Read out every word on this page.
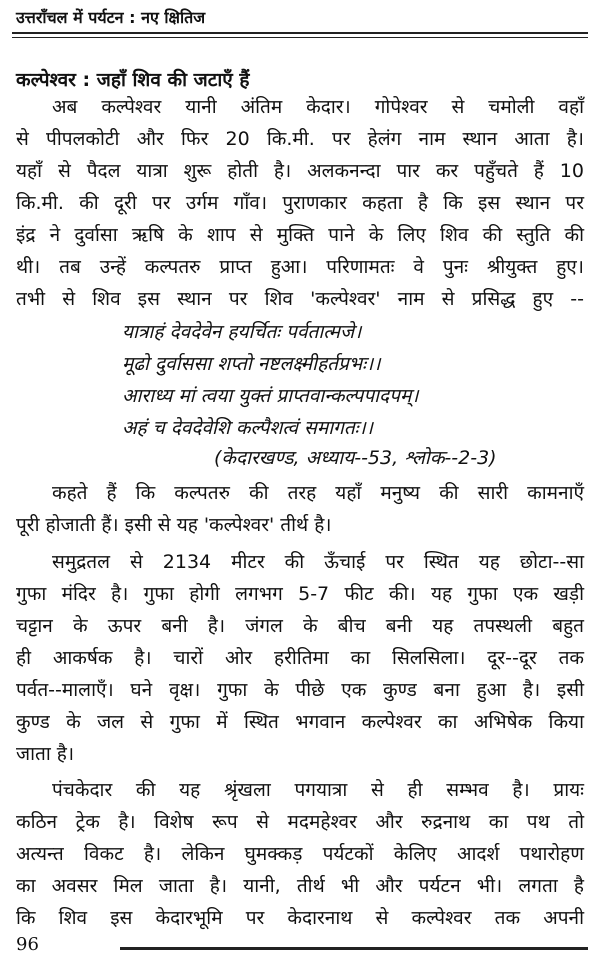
उत्तराँचल में पर्यटन : नए क्षितिज
कल्पेश्वर : जहाँ शिव की जटाएँ हैं
अब कल्पेश्वर यानी अंतिम केदार। गोपेश्वर से चमोली वहाँ
से पीपलकोटी और फिर 20 कि.मी. पर हेलंग नाम स्थान आता है।
यहाँ से पैदल यात्रा शुरू होती है। अलकनन्दा पार कर पहुँचते हैं 10
कि.मी. की दूरी पर उर्गम गाँव। पुराणकार कहता है कि इस स्थान पर
इंद्र ने दुर्वासा ऋषि के शाप से मुक्ति पाने के लिए शिव की स्तुति की
थी। तब उन्हें कल्पतरु प्राप्त हुआ। परिणामतः वे पुनः श्रीयुक्त हुए।
तभी से शिव इस स्थान पर शिव 'कल्पेश्वर' नाम से प्रसिद्ध हुए --
यात्राहं देवदेवेन हयर्चितः पर्वतात्मजे।
मूढो दुर्वाससा शप्तो नष्टलक्ष्मीहर्तप्रभः।।
आराध्य मां त्वया युक्तं प्राप्तवान्कल्पपादपम्।
अहं च देवदेवेशि कल्पैशत्वं समागतः।।
(केदारखण्ड, अध्याय--53, श्लोक--2-3)
कहते हैं कि कल्पतरु की तरह यहाँ मनुष्य की सारी कामनाएँ
पूरी होजाती हैं। इसी से यह 'कल्पेश्वर' तीर्थ है।
समुद्रतल से 2134 मीटर की ऊँचाई पर स्थित यह छोटा--सा
गुफा मंदिर है। गुफा होगी लगभग 5-7 फीट की। यह गुफा एक खड़ी
चट्टान के ऊपर बनी है। जंगल के बीच बनी यह तपस्थली बहुत
ही आकर्षक है। चारों ओर हरीतिमा का सिलसिला। दूर--दूर तक
पर्वत--मालाएँ। घने वृक्ष। गुफा के पीछे एक कुण्ड बना हुआ है। इसी
कुण्ड के जल से गुफा में स्थित भगवान कल्पेश्वर का अभिषेक किया
जाता है।
पंचकेदार की यह श्रृंखला पगयात्रा से ही सम्भव है। प्रायः
कठिन ट्रेक है। विशेष रूप से मदमहेश्वर और रुद्रनाथ का पथ तो
अत्यन्त विकट है। लेकिन घुमक्कड़ पर्यटकों केलिए आदर्श पथारोहण
का अवसर मिल जाता है। यानी, तीर्थ भी और पर्यटन भी। लगता है
कि शिव इस केदारभूमि पर केदारनाथ से कल्पेश्वर तक अपनी
96
